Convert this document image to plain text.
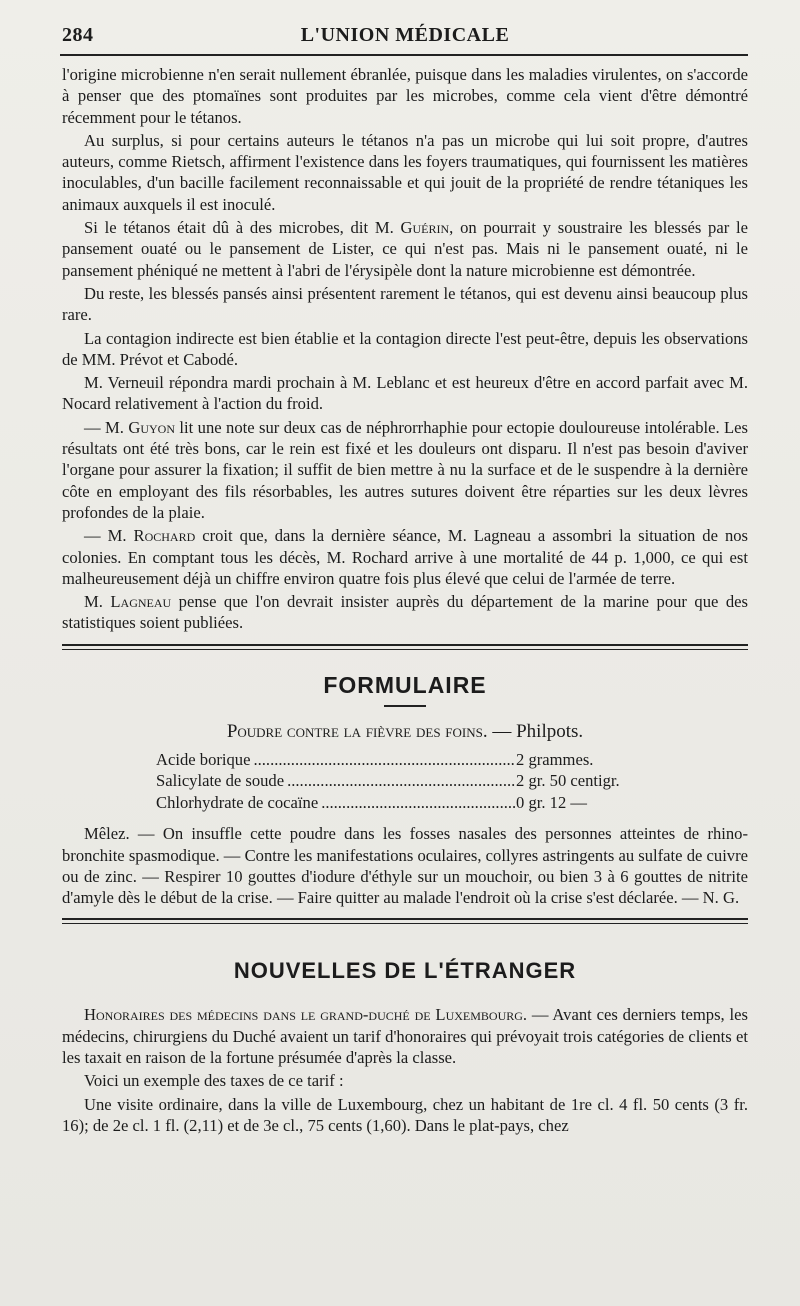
284	L'UNION MÉDICALE

l'origine microbienne n'en serait nullement ébranlée, puisque dans les maladies virulentes, on s'accorde à penser que des ptomaïnes sont produites par les microbes, comme cela vient d'être démontré récemment pour le tétanos.

Au surplus, si pour certains auteurs le tétanos n'a pas un microbe qui lui soit propre, d'autres auteurs, comme Rietsch, affirment l'existence dans les foyers traumatiques, qui fournissent les matières inoculables, d'un bacille facilement reconnaissable et qui jouit de la propriété de rendre tétaniques les animaux auxquels il est inoculé.

Si le tétanos était dû à des microbes, dit M. Guérin, on pourrait y soustraire les blessés par le pansement ouaté ou le pansement de Lister, ce qui n'est pas. Mais ni le pansement ouaté, ni le pansement phéniqué ne mettent à l'abri de l'érysipèle dont la nature microbienne est démontrée.

Du reste, les blessés pansés ainsi présentent rarement le tétanos, qui est devenu ainsi beaucoup plus rare.

La contagion indirecte est bien établie et la contagion directe l'est peut-être, depuis les observations de MM. Prévot et Cabodé.

M. Verneuil répondra mardi prochain à M. Leblanc et est heureux d'être en accord parfait avec M. Nocard relativement à l'action du froid.

— M. Guyon lit une note sur deux cas de néphrorrhaphie pour ectopie douloureuse intolérable. Les résultats ont été très bons, car le rein est fixé et les douleurs ont disparu. Il n'est pas besoin d'aviver l'organe pour assurer la fixation; il suffit de bien mettre à nu la surface et de le suspendre à la dernière côte en employant des fils résorbables, les autres sutures doivent être réparties sur les deux lèvres profondes de la plaie.

— M. Rochard croit que, dans la dernière séance, M. Lagneau a assombri la situation de nos colonies. En comptant tous les décès, M. Rochard arrive à une mortalité de 44 p. 1,000, ce qui est malheureusement déjà un chiffre environ quatre fois plus élevé que celui de l'armée de terre.

M. Lagneau pense que l'on devrait insister auprès du département de la marine pour que des statistiques soient publiées.

FORMULAIRE
Poudre contre la fièvre des foins. — Philpots.
Acide borique .....	2 grammes.
Salicylate de soude .....	2 gr. 50 centigr.
Chlorhydrate de cocaïne .....	0 gr. 12 —

Mêlez. — On insuffle cette poudre dans les fosses nasales des personnes atteintes de rhino-bronchite spasmodique. — Contre les manifestations oculaires, collyres astringents au sulfate de cuivre ou de zinc. — Respirer 10 gouttes d'iodure d'éthyle sur un mouchoir, ou bien 3 à 6 gouttes de nitrite d'amyle dès le début de la crise. — Faire quitter au malade l'endroit où la crise s'est déclarée. — N. G.

NOUVELLES DE L'ÉTRANGER

Honoraires des médecins dans le grand-duché de Luxembourg. — Avant ces derniers temps, les médecins, chirurgiens du Duché avaient un tarif d'honoraires qui prévoyait trois catégories de clients et les taxait en raison de la fortune présumée d'après la classe.

Voici un exemple des taxes de ce tarif :

Une visite ordinaire, dans la ville de Luxembourg, chez un habitant de 1re cl. 4 fl. 50 cents (3 fr. 16); de 2e cl. 1 fl. (2,11) et de 3e cl., 75 cents (1,60). Dans le plat-pays, chez
